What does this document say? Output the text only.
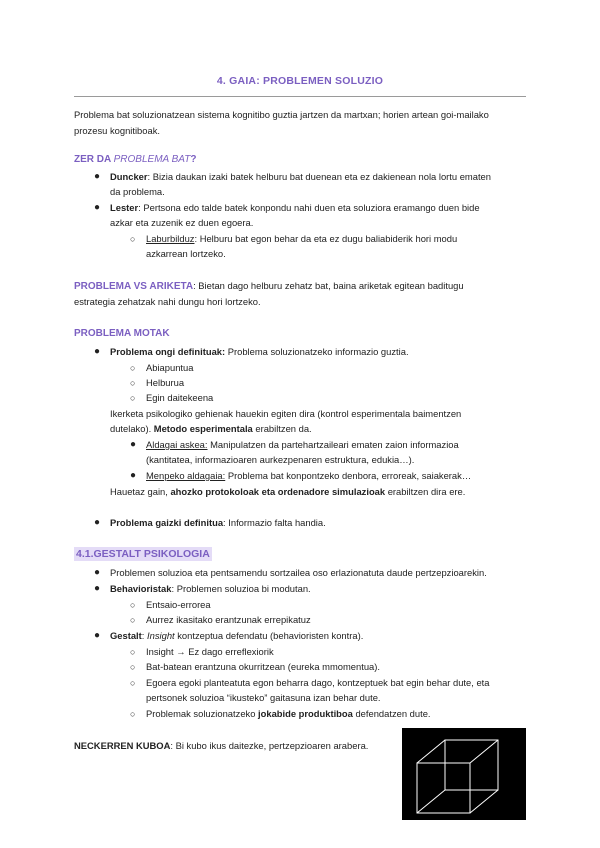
4. GAIA: PROBLEMEN SOLUZIO
Problema bat soluzionatzean sistema kognitibo guztia jartzen da martxan; horien artean goi-mailako
prozesu kognitiboak.
ZER DA PROBLEMA BAT?
● Duncker: Bizia daukan izaki batek helburu bat duenean eta ez dakienean nola lortu ematen
da problema.
● Lester: Pertsona edo talde batek konpondu nahi duen eta soluziora eramango duen bide
azkar eta zuzenik ez duen egoera.
○ Laburbilduz: Helburu bat egon behar da eta ez dugu baliabiderik hori modu
azkarrean lortzeko.
PROBLEMA VS ARIKETA: Bietan dago helburu zehatz bat, baina ariketak egitean baditugu
estrategia zehatzak nahi dungu hori lortzeko.
PROBLEMA MOTAK
● Problema ongi definituak: Problema soluzionatzeko informazio guztia.
○ Abiapuntua
○ Helburua
○ Egin daitekeena
Ikerketa psikologiko gehienak hauekin egiten dira (kontrol esperimentala baimentzen
dutelako). Metodo esperimentala erabiltzen da.
● Aldagai askea: Manipulatzen da partehartzaileari ematen zaion informazioa
(kantitatea, informazioaren aurkezpenaren estruktura, edukia…).
● Menpeko aldagaia: Problema bat konpontzeko denbora, erroreak, saiakerak…
Hauetaz gain, ahozko protokoloak eta ordenadore simulazioak erabiltzen dira ere.
● Problema gaizki definitua: Informazio falta handia.
4.1.GESTALT PSIKOLOGIA
● Problemen soluzioa eta pentsamendu sortzailea oso erlazionatuta daude pertzepzioarekin.
● Behavioristak: Problemen soluzioa bi modutan.
○ Entsaio-errorea
○ Aurrez ikasitako erantzunak errepikatuz
● Gestalt: Insight kontzeptua defendatu (behavioristen kontra).
○ Insight → Ez dago erreflexiorik
○ Bat-batean erantzuna okurritzean (eureka mmomentua).
○ Egoera egoki planteatuta egon beharra dago, kontzeptuek bat egin behar dute, eta
pertsonek soluzioa “ikusteko” gaitasuna izan behar dute.
○ Problemak soluzionatzeko jokabide produktiboa defendatzen dute.
NECKERREN KUBOA: Bi kubo ikus daitezke, pertzepzioaren arabera.
